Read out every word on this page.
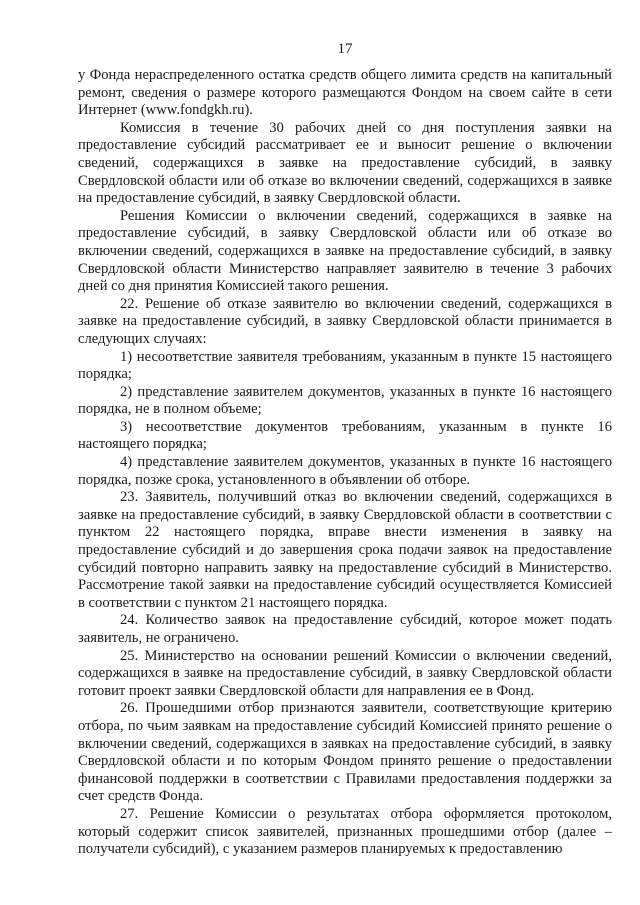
17

у Фонда нераспределенного остатка средств общего лимита средств на капитальный ремонт, сведения о размере которого размещаются Фондом на своем сайте в сети Интернет (www.fondgkh.ru).

Комиссия в течение 30 рабочих дней со дня поступления заявки на предоставление субсидий рассматривает ее и выносит решение о включении сведений, содержащихся в заявке на предоставление субсидий, в заявку Свердловской области или об отказе во включении сведений, содержащихся в заявке на предоставление субсидий, в заявку Свердловской области.

Решения Комиссии о включении сведений, содержащихся в заявке на предоставление субсидий, в заявку Свердловской области или об отказе во включении сведений, содержащихся в заявке на предоставление субсидий, в заявку Свердловской области Министерство направляет заявителю в течение 3 рабочих дней со дня принятия Комиссией такого решения.

22. Решение об отказе заявителю во включении сведений, содержащихся в заявке на предоставление субсидий, в заявку Свердловской области принимается в следующих случаях:

1) несоответствие заявителя требованиям, указанным в пункте 15 настоящего порядка;

2) представление заявителем документов, указанных в пункте 16 настоящего порядка, не в полном объеме;

3) несоответствие документов требованиям, указанным в пункте 16 настоящего порядка;

4) представление заявителем документов, указанных в пункте 16 настоящего порядка, позже срока, установленного в объявлении об отборе.

23. Заявитель, получивший отказ во включении сведений, содержащихся в заявке на предоставление субсидий, в заявку Свердловской области в соответствии с пунктом 22 настоящего порядка, вправе внести изменения в заявку на предоставление субсидий и до завершения срока подачи заявок на предоставление субсидий повторно направить заявку на предоставление субсидий в Министерство. Рассмотрение такой заявки на предоставление субсидий осуществляется Комиссией в соответствии с пунктом 21 настоящего порядка.

24. Количество заявок на предоставление субсидий, которое может подать заявитель, не ограничено.

25. Министерство на основании решений Комиссии о включении сведений, содержащихся в заявке на предоставление субсидий, в заявку Свердловской области готовит проект заявки Свердловской области для направления ее в Фонд.

26. Прошедшими отбор признаются заявители, соответствующие критерию отбора, по чьим заявкам на предоставление субсидий Комиссией принято решение о включении сведений, содержащихся в заявках на предоставление субсидий, в заявку Свердловской области и по которым Фондом принято решение о предоставлении финансовой поддержки в соответствии с Правилами предоставления поддержки за счет средств Фонда.

27. Решение Комиссии о результатах отбора оформляется протоколом, который содержит список заявителей, признанных прошедшими отбор (далее – получатели субсидий), с указанием размеров планируемых к предоставлению
